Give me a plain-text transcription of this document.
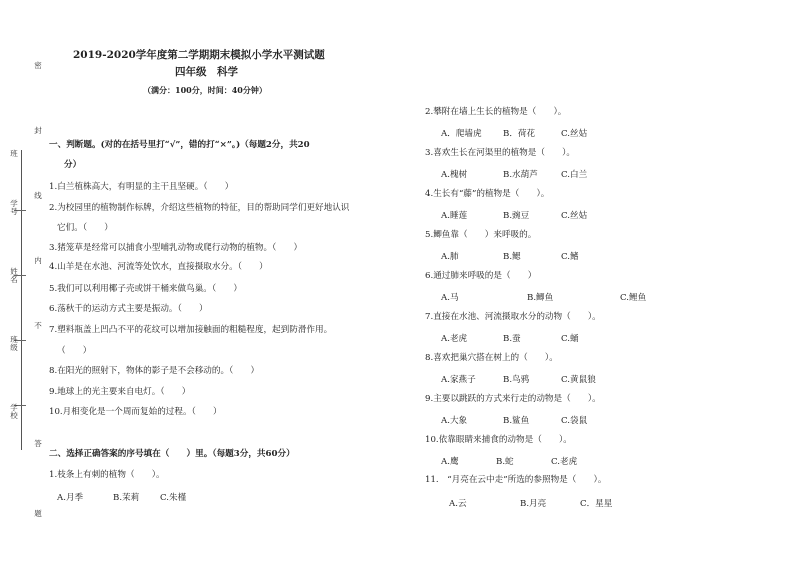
密
封
线
内
不
答
题
班
学号
姓名
班级
学校
2019-2020学年度第二学期期末模拟小学水平测试题
四年级　科学
（满分：100分，时间：40分钟）
一、判断题。(对的在括号里打“√”，错的打“×”。)（每题2分，共20
分）
1.白兰植株高大，有明显的主干且坚硬。（　　）
2.为校园里的植物制作标牌，介绍这些植物的特征，目的帮助同学们更好地认识
它们。（　　）
3.猪笼草是经常可以捕食小型哺乳动物或爬行动物的植物。（　　）
4.山羊是在水池、河流等处饮水，直接摄取水分。（　　）
5.我们可以利用椰子壳或饼干桶来做鸟巢。（　　）
6.荡秋千的运动方式主要是振动。（　　）
7.塑料瓶盖上凹凸不平的花纹可以增加接触面的粗糙程度，起到防滑作用。
（　　）
8.在阳光的照射下，物体的影子是不会移动的。（　　）
9.地球上的光主要来自电灯。（　　）
10.月相变化是一个周而复始的过程。（　　）
二、选择正确答案的序号填在（　　）里。（每题3分，共60分）
1.枝条上有刺的植物（　　）。
A.月季	B.茉莉 C.朱槿
2.攀附在墙上生长的植物是（　　）。
A．爬墙虎 B．荷花	C.丝姑
3.喜欢生长在河渠里的植物是（　　）。
A.槐树	B.水葫芦	C.白兰
4.生长有“藤”的植物是（　　）。
A.睡莲	B.豌豆	C.丝姑
5.鲫鱼靠（　　）来呼吸的。
A.肺	B.鳃	C.鳍
6.通过肺来呼吸的是（　　）
A.马	B.鲫鱼	C.鲤鱼
7.直接在水池、河流摄取水分的动物（　　）。
A.老虎	B.蚕	C.蛹
8.喜欢把巢穴搭在树上的（　　）。
A.家燕子	B.鸟鸦	C.黄鼠狼
9.主要以跳跃的方式来行走的动物是（　　）。
A.大象	B.鲨鱼	C.袋鼠
10.依靠眼睛来捕食的动物是（　　）。
A.鹰	B.蛇	C.老虎
11.　“月亮在云中走”所选的参照物是（　　）。
A.云	B.月亮	C．星星
